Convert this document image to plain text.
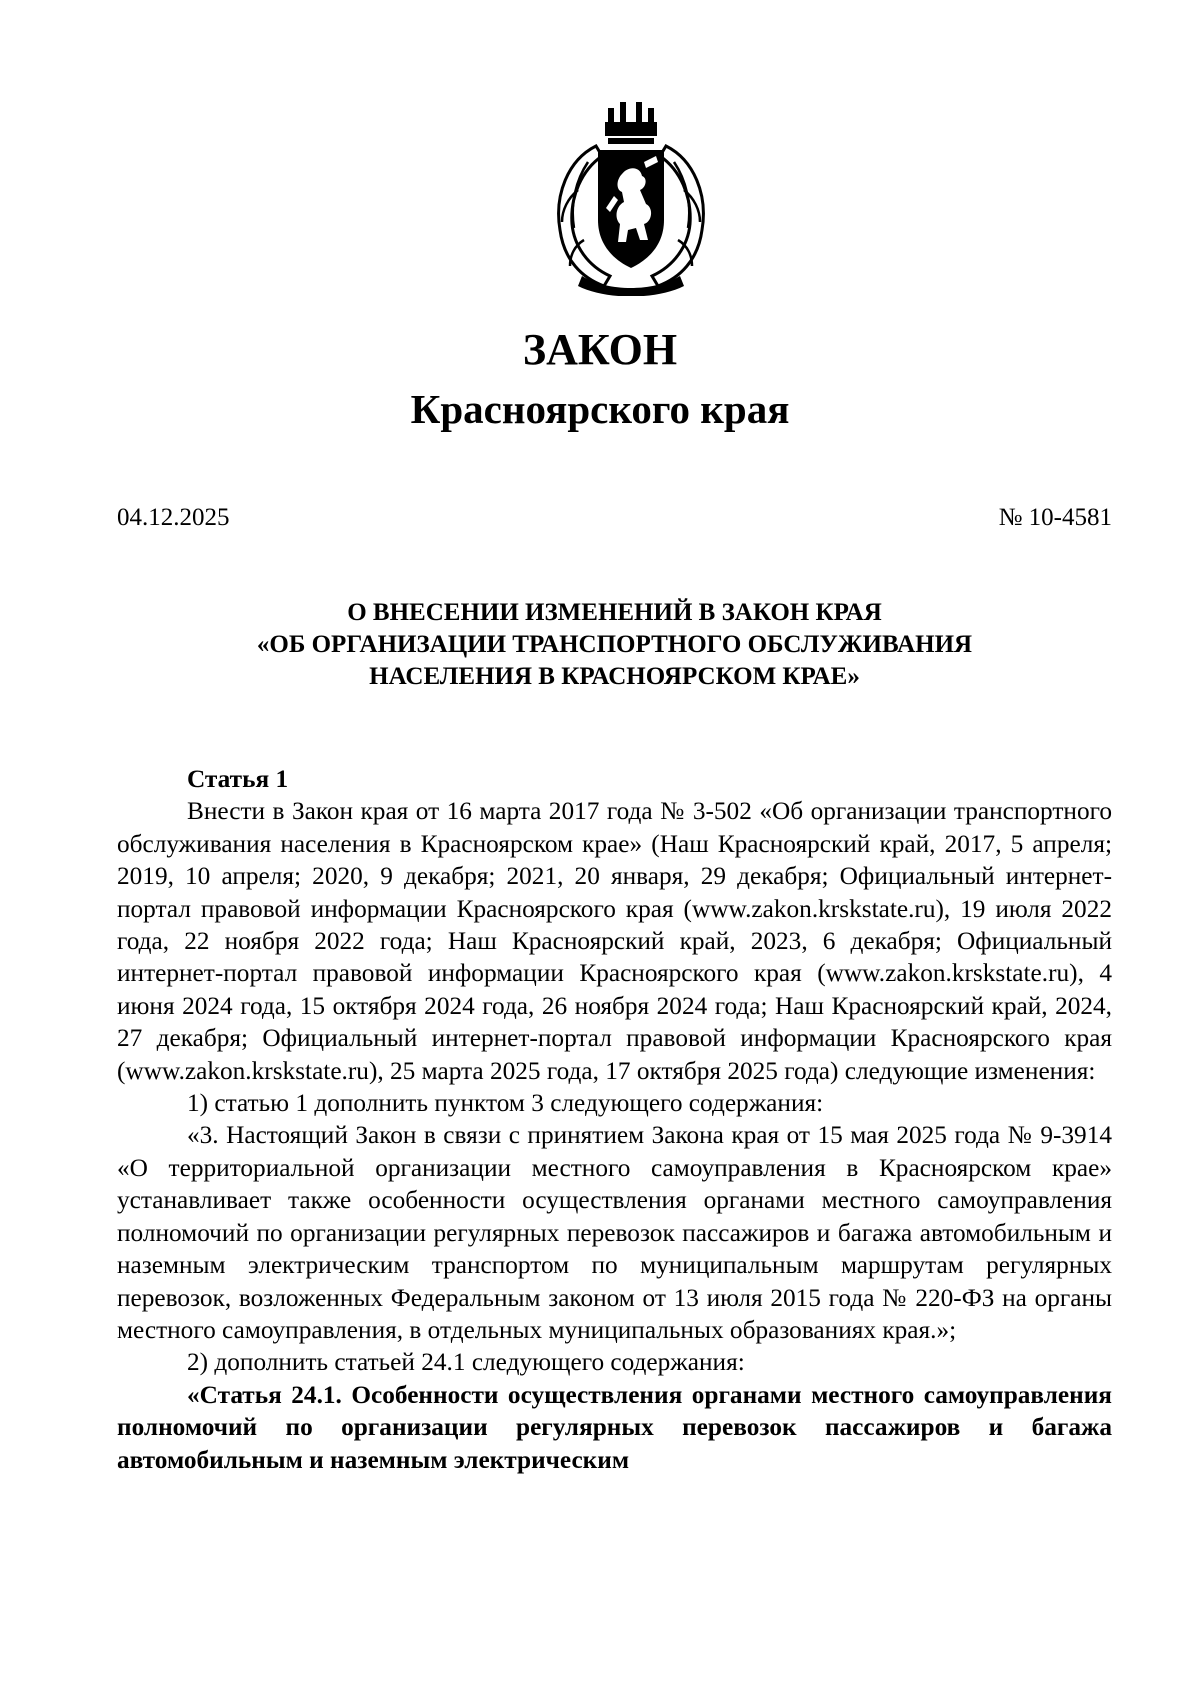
ЗАКОН
Красноярского края
04.12.2025	№ 10-4581
О ВНЕСЕНИИ ИЗМЕНЕНИЙ В ЗАКОН КРАЯ
«ОБ ОРГАНИЗАЦИИ ТРАНСПОРТНОГО ОБСЛУЖИВАНИЯ
НАСЕЛЕНИЯ В КРАСНОЯРСКОМ КРАЕ»
Статья 1

Внести в Закон края от 16 марта 2017 года № 3-502 «Об организации транспортного обслуживания населения в Красноярском крае» (Наш Красноярский край, 2017, 5 апреля; 2019, 10 апреля; 2020, 9 декабря; 2021, 20 января, 29 декабря; Официальный интернет-портал правовой информации Красноярского края (www.zakon.krskstate.ru), 19 июля 2022 года, 22 ноября 2022 года; Наш Красноярский край, 2023, 6 декабря; Официальный интернет-портал правовой информации Красноярского края (www.zakon.krskstate.ru), 4 июня 2024 года, 15 октября 2024 года, 26 ноября 2024 года; Наш Красноярский край, 2024, 27 декабря; Официальный интернет-портал правовой информации Красноярского края (www.zakon.krskstate.ru), 25 марта 2025 года, 17 октября 2025 года) следующие изменения:

1) статью 1 дополнить пунктом 3 следующего содержания:

«3. Настоящий Закон в связи с принятием Закона края от 15 мая 2025 года № 9-3914 «О территориальной организации местного самоуправления в Красноярском крае» устанавливает также особенности осуществления органами местного самоуправления полномочий по организации регулярных перевозок пассажиров и багажа автомобильным и наземным электрическим транспортом по муниципальным маршрутам регулярных перевозок, возложенных Федеральным законом от 13 июля 2015 года № 220-ФЗ на органы местного самоуправления, в отдельных муниципальных образованиях края.»;

2) дополнить статьей 24.1 следующего содержания:

«Статья 24.1. Особенности осуществления органами местного самоуправления полномочий по организации регулярных перевозок пассажиров и багажа автомобильным и наземным электрическим
